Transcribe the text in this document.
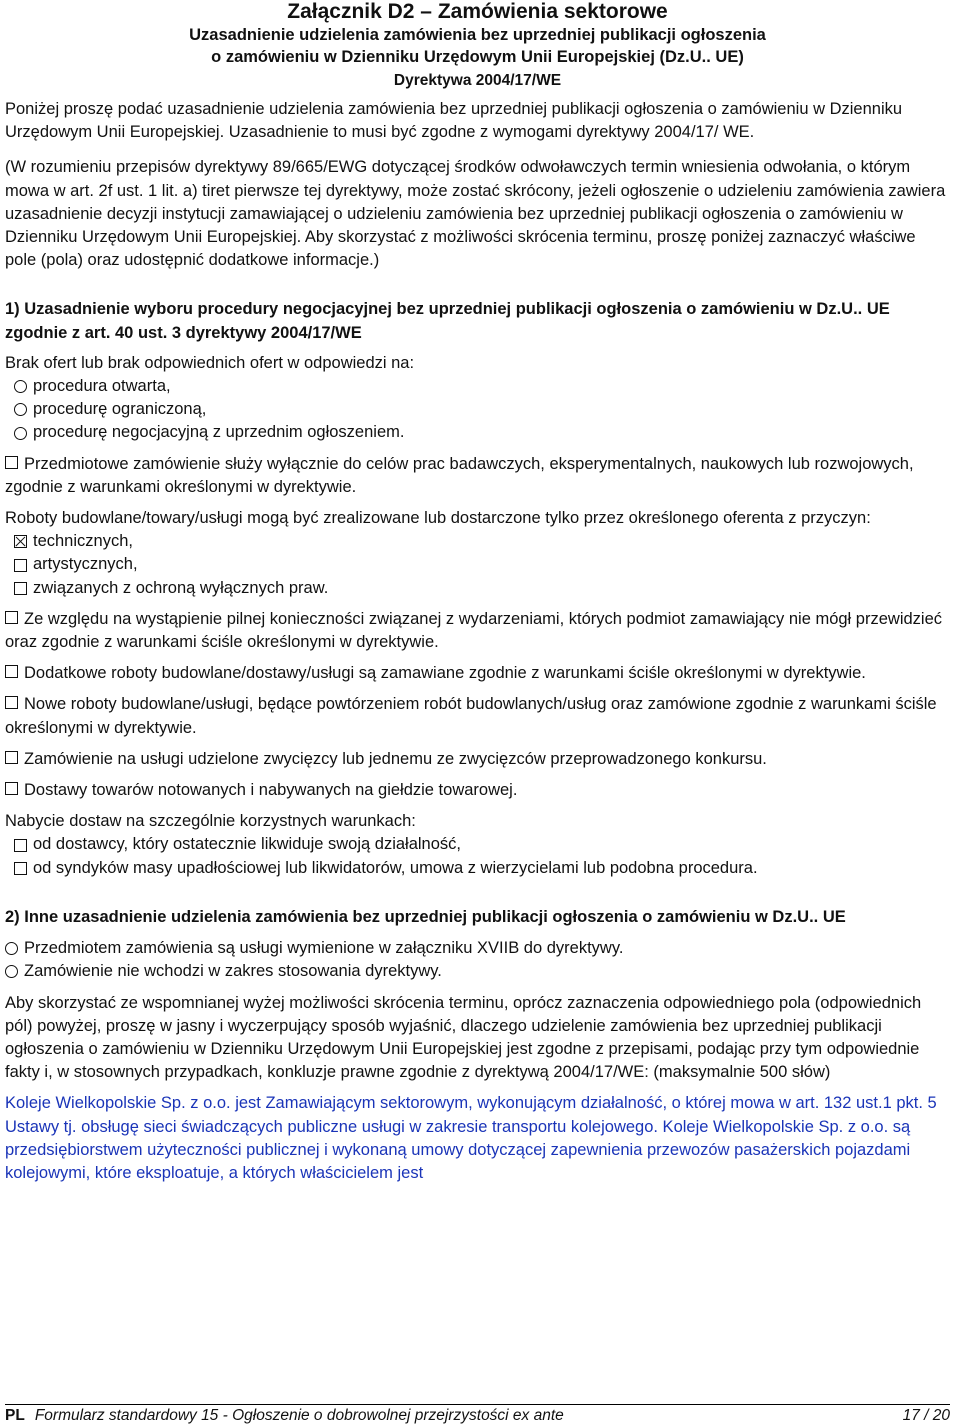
Załącznik D2 – Zamówienia sektorowe
Uzasadnienie udzielenia zamówienia bez uprzedniej publikacji ogłoszenia
o zamówieniu w Dzienniku Urzędowym Unii Europejskiej (Dz.U.. UE)
Dyrektywa 2004/17/WE

Poniżej proszę podać uzasadnienie udzielenia zamówienia bez uprzedniej publikacji ogłoszenia o zamówieniu w Dzienniku Urzędowym Unii Europejskiej. Uzasadnienie to musi być zgodne z wymogami dyrektywy 2004/17/ WE.

(W rozumieniu przepisów dyrektywy 89/665/EWG dotyczącej środków odwoławczych termin wniesienia odwołania, o którym mowa w art. 2f ust. 1 lit. a) tiret pierwsze tej dyrektywy, może zostać skrócony, jeżeli ogłoszenie o udzieleniu zamówienia zawiera uzasadnienie decyzji instytucji zamawiającej o udzieleniu zamówienia bez uprzedniej publikacji ogłoszenia o zamówieniu w Dzienniku Urzędowym Unii Europejskiej. Aby skorzystać z możliwości skrócenia terminu, proszę poniżej zaznaczyć właściwe pole (pola) oraz udostępnić dodatkowe informacje.)

1) Uzasadnienie wyboru procedury negocjacyjnej bez uprzedniej publikacji ogłoszenia o zamówieniu w Dz.U.. UE zgodnie z art. 40 ust. 3 dyrektywy 2004/17/WE

Brak ofert lub brak odpowiednich ofert w odpowiedzi na:

procedura otwarta,
procedurę ograniczoną,
procedurę negocjacyjną z uprzednim ogłoszeniem.

Przedmiotowe zamówienie służy wyłącznie do celów prac badawczych, eksperymentalnych, naukowych lub rozwojowych, zgodnie z warunkami określonymi w dyrektywie.

Roboty budowlane/towary/usługi mogą być zrealizowane lub dostarczone tylko przez określonego oferenta z przyczyn:

technicznych,
artystycznych,
związanych z ochroną wyłącznych praw.

Ze względu na wystąpienie pilnej konieczności związanej z wydarzeniami, których podmiot zamawiający nie mógł przewidzieć oraz zgodnie z warunkami ściśle określonymi w dyrektywie.

Dodatkowe roboty budowlane/dostawy/usługi są zamawiane zgodnie z warunkami ściśle określonymi w dyrektywie.

Nowe roboty budowlane/usługi, będące powtórzeniem robót budowlanych/usług oraz zamówione zgodnie z warunkami ściśle określonymi w dyrektywie.

Zamówienie na usługi udzielone zwycięzcy lub jednemu ze zwycięzców przeprowadzonego konkursu.

Dostawy towarów notowanych i nabywanych na giełdzie towarowej.

Nabycie dostaw na szczególnie korzystnych warunkach:

od dostawcy, który ostatecznie likwiduje swoją działalność,
od syndyków masy upadłościowej lub likwidatorów, umowa z wierzycielami lub podobna procedura.
2) Inne uzasadnienie udzielenia zamówienia bez uprzedniej publikacji ogłoszenia o zamówieniu w Dz.U.. UE
Przedmiotem zamówienia są usługi wymienione w załączniku XVIIB do dyrektywy.
Zamówienie nie wchodzi w zakres stosowania dyrektywy.

Aby skorzystać ze wspomnianej wyżej możliwości skrócenia terminu, oprócz zaznaczenia odpowiedniego pola (odpowiednich pól) powyżej, proszę w jasny i wyczerpujący sposób wyjaśnić, dlaczego udzielenie zamówienia bez uprzedniej publikacji ogłoszenia o zamówieniu w Dzienniku Urzędowym Unii Europejskiej jest zgodne z przepisami, podając przy tym odpowiednie fakty i, w stosownych przypadkach, konkluzje prawne zgodnie z dyrektywą 2004/17/WE: (maksymalnie 500 słów)

Koleje Wielkopolskie Sp. z o.o. jest Zamawiającym sektorowym, wykonującym działalność, o której mowa w art. 132 ust.1 pkt. 5 Ustawy tj. obsługę sieci świadczących publiczne usługi w zakresie transportu kolejowego. Koleje Wielkopolskie Sp. z o.o. są przedsiębiorstwem użyteczności publicznej i wykonaną umowy dotyczącej zapewnienia przewozów pasażerskich pojazdami kolejowymi, które eksploatuje, a których właścicielem jest

PL Formularz standardowy 15 - Ogłoszenie o dobrowolnej przejrzystości ex ante	17 / 20
